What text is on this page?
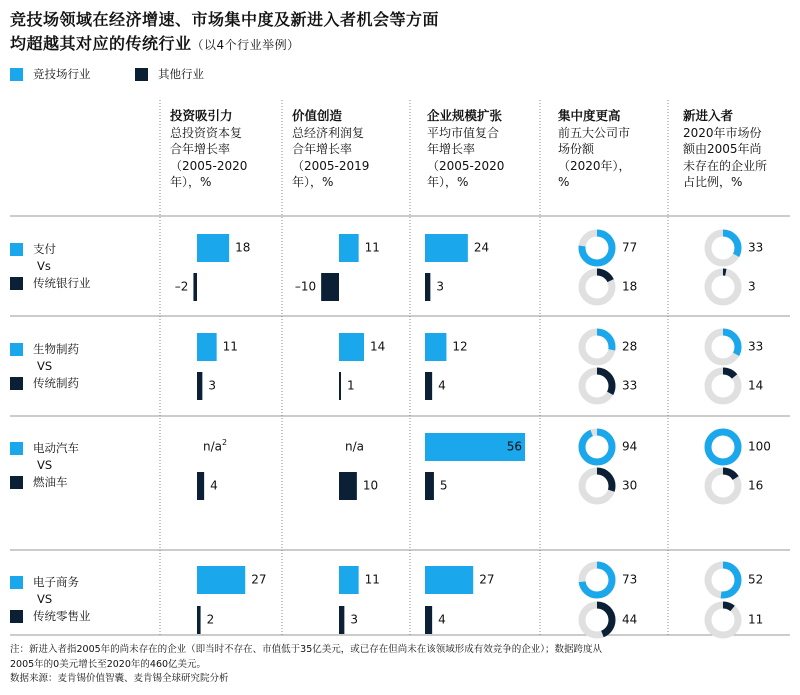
竞技场领域在经济增速、市场集中度及新进入者机会等方面
均超越其对应的传统行业（以4个行业举例）
竞技场行业	其他行业
投资吸引力
总投资资本复
合年增长率
（2005-2020
年），%
价值创造
总经济利润复
合年增长率
（2005-2019
年），%
企业规模扩张
平均市值复合
年增长率
（2005-2020
年），%
集中度更高
前五大公司市
场份额
（2020年），
%
新进入者
2020年市场份
额由2005年尚
未存在的企业所
占比例，%
支付
Vs
传统银行业
生物制药
VS
传统制药
电动汽车
VS
燃油车
电子商务
VS
传统零售业
18
–2
11
3
$n/a^2$
4
27
2
11
–10
14
1
n/a
10
11
3
24
3
12
4
56
5
27
4
77
18
28
33
94
30
73
44
33
3
33
14
100
16
52
11
注：新进入者指2005年的尚未存在的企业（即当时不存在、市值低于35亿美元，或已存在但尚未在该领域形成有效竞争的企业）；数据跨度从
2005年的0美元增长至2020年的460亿美元。
数据来源：麦肯锡价值智囊、麦肯锡全球研究院分析
